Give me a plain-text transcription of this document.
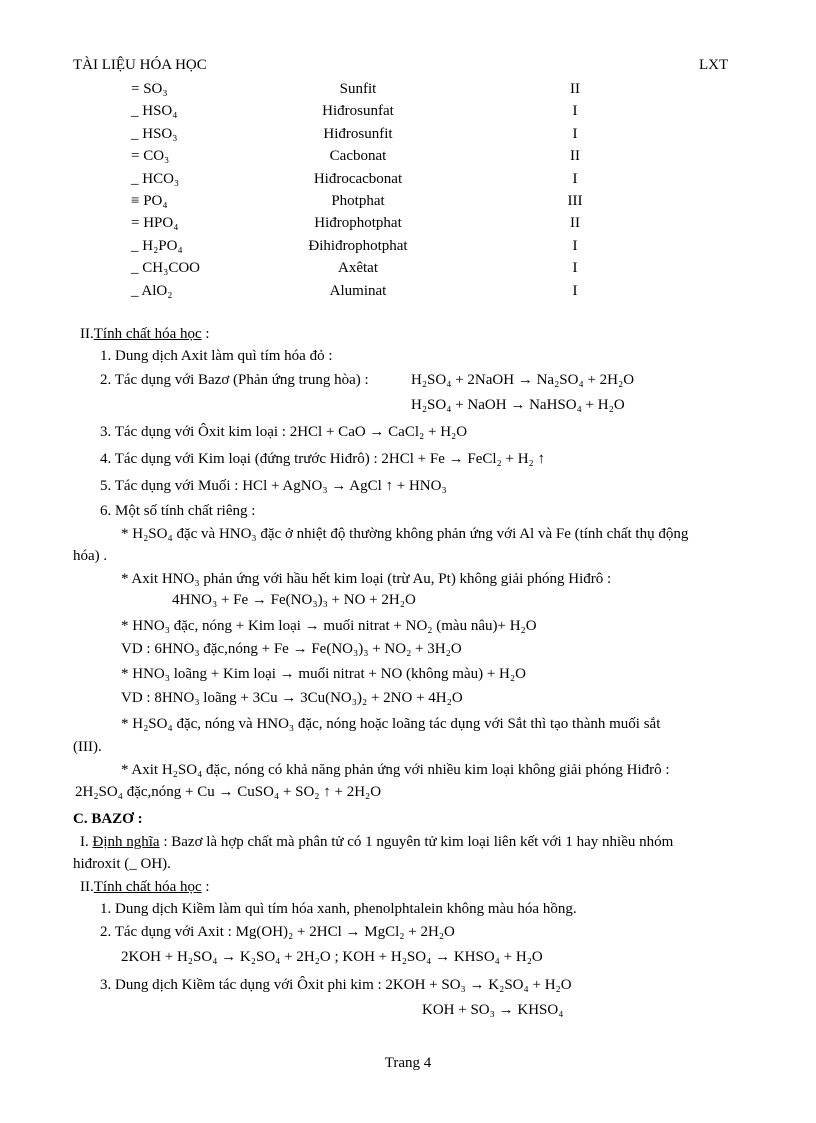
TÀI LIỆU HÓA HỌC	LXT
= SO₃	Sunfit	II
_ HSO₄	Hiđrosunfat	I
_ HSO₃	Hiđrosunfit	I
= CO₃	Cacbonat	II
_ HCO₃	Hiđrocacbonat	I
≡ PO₄	Photphat	III
= HPO₄	Hiđrophotphat	II
_ H₂PO₄	Đihiđrophotphat	I
_ CH₃COO	Axêtat	I
_ AlO₂	Aluminat	I
II.Tính chất hóa học :
1. Dung dịch Axit làm quì tím hóa đỏ :
2. Tác dụng với Bazơ (Phản ứng trung hòa) :	H₂SO₄ + 2NaOH → Na₂SO₄ + 2H₂O
H₂SO₄ + NaOH → NaHSO₄ + H₂O
3. Tác dụng với Ôxit kim loại : 2HCl + CaO → CaCl₂ + H₂O
4. Tác dụng với Kim loại (đứng trước Hiđrô) : 2HCl + Fe → FeCl₂ + H₂ ↑
5. Tác dụng với Muối : HCl + AgNO₃ → AgCl ↑ + HNO₃
6. Một số tính chất riêng :
* H₂SO₄ đặc và HNO₃ đặc ở nhiệt độ thường không phản ứng với Al và Fe (tính chất thụ động
hóa) .
* Axit HNO₃ phản ứng với hầu hết kim loại (trừ Au, Pt) không giải phóng Hiđrô :
4HNO₃ + Fe → Fe(NO₃)₃ + NO + 2H₂O
* HNO₃ đặc, nóng + Kim loại → muối nitrat + NO₂ (màu nâu)+ H₂O
VD : 6HNO₃ đặc,nóng + Fe → Fe(NO₃)₃ + NO₂ + 3H₂O
* HNO₃ loãng + Kim loại → muối nitrat + NO (không màu) + H₂O
VD : 8HNO₃ loãng + 3Cu → 3Cu(NO₃)₂ + 2NO + 4H₂O
* H₂SO₄ đặc, nóng và HNO₃ đặc, nóng hoặc loãng tác dụng với Sắt thì tạo thành muối sắt
(III).
* Axit H₂SO₄ đặc, nóng có khả năng phản ứng với nhiều kim loại không giải phóng Hiđrô :
2H₂SO₄ đặc,nóng + Cu → CuSO₄ + SO₂ ↑ + 2H₂O
C. BAZƠ :
I. Định nghĩa : Bazơ là hợp chất mà phân tử có 1 nguyên tử kim loại liên kết với 1 hay nhiều nhóm
hiđroxit (_ OH).
II.Tính chất hóa học :
1. Dung dịch Kiềm làm quì tím hóa xanh, phenolphtalein không màu hóa hồng.
2. Tác dụng với Axit : Mg(OH)₂ + 2HCl → MgCl₂ + 2H₂O
2KOH + H₂SO₄ → K₂SO₄ + 2H₂O ; KOH + H₂SO₄ → KHSO₄ + H₂O
3. Dung dịch Kiềm tác dụng với Ôxit phi kim : 2KOH + SO₃ → K₂SO₄ + H₂O
KOH + SO₃ → KHSO₄
Trang 4
